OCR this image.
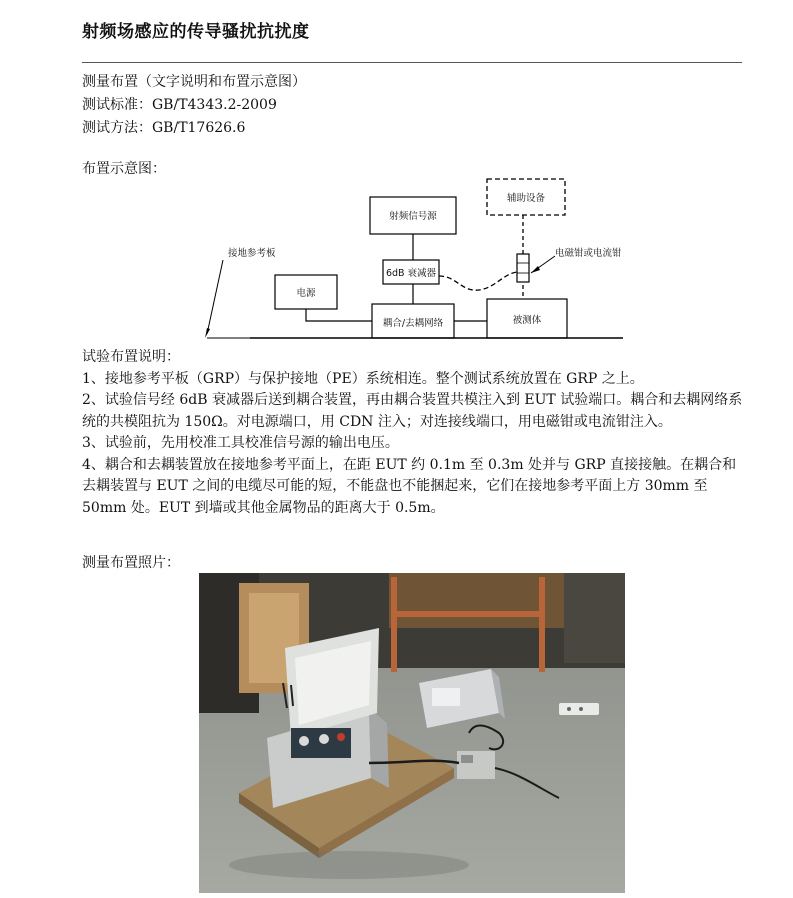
射频场感应的传导骚扰抗扰度
测量布置（文字说明和布置示意图）
测试标准：GB/T4343.2-2009
测试方法：GB/T17626.6
布置示意图：
辅助设备
射频信号源
6dB 衰减器
电源
耦合/去耦网络	被测体
电磁钳或电流钳
接地参考板

试验布置说明：

1、接地参考平板（GRP）与保护接地（PE）系统相连。整个测试系统放置在 GRP 之上。

2、试验信号经 6dB 衰减器后送到耦合装置，再由耦合装置共模注入到 EUT 试验端口。耦合和去耦网络系统的共模阻抗为 150Ω。对电源端口，用 CDN 注入；对连接线端口，用电磁钳或电流钳注入。

3、试验前，先用校准工具校准信号源的输出电压。

4、耦合和去耦装置放在接地参考平面上，在距 EUT 约 0.1m 至 0.3m 处并与 GRP 直接接触。在耦合和去耦装置与 EUT 之间的电缆尽可能的短，不能盘也不能捆起来，它们在接地参考平面上方 30mm 至 50mm 处。EUT 到墙或其他金属物品的距离大于 0.5m。

测量布置照片：
